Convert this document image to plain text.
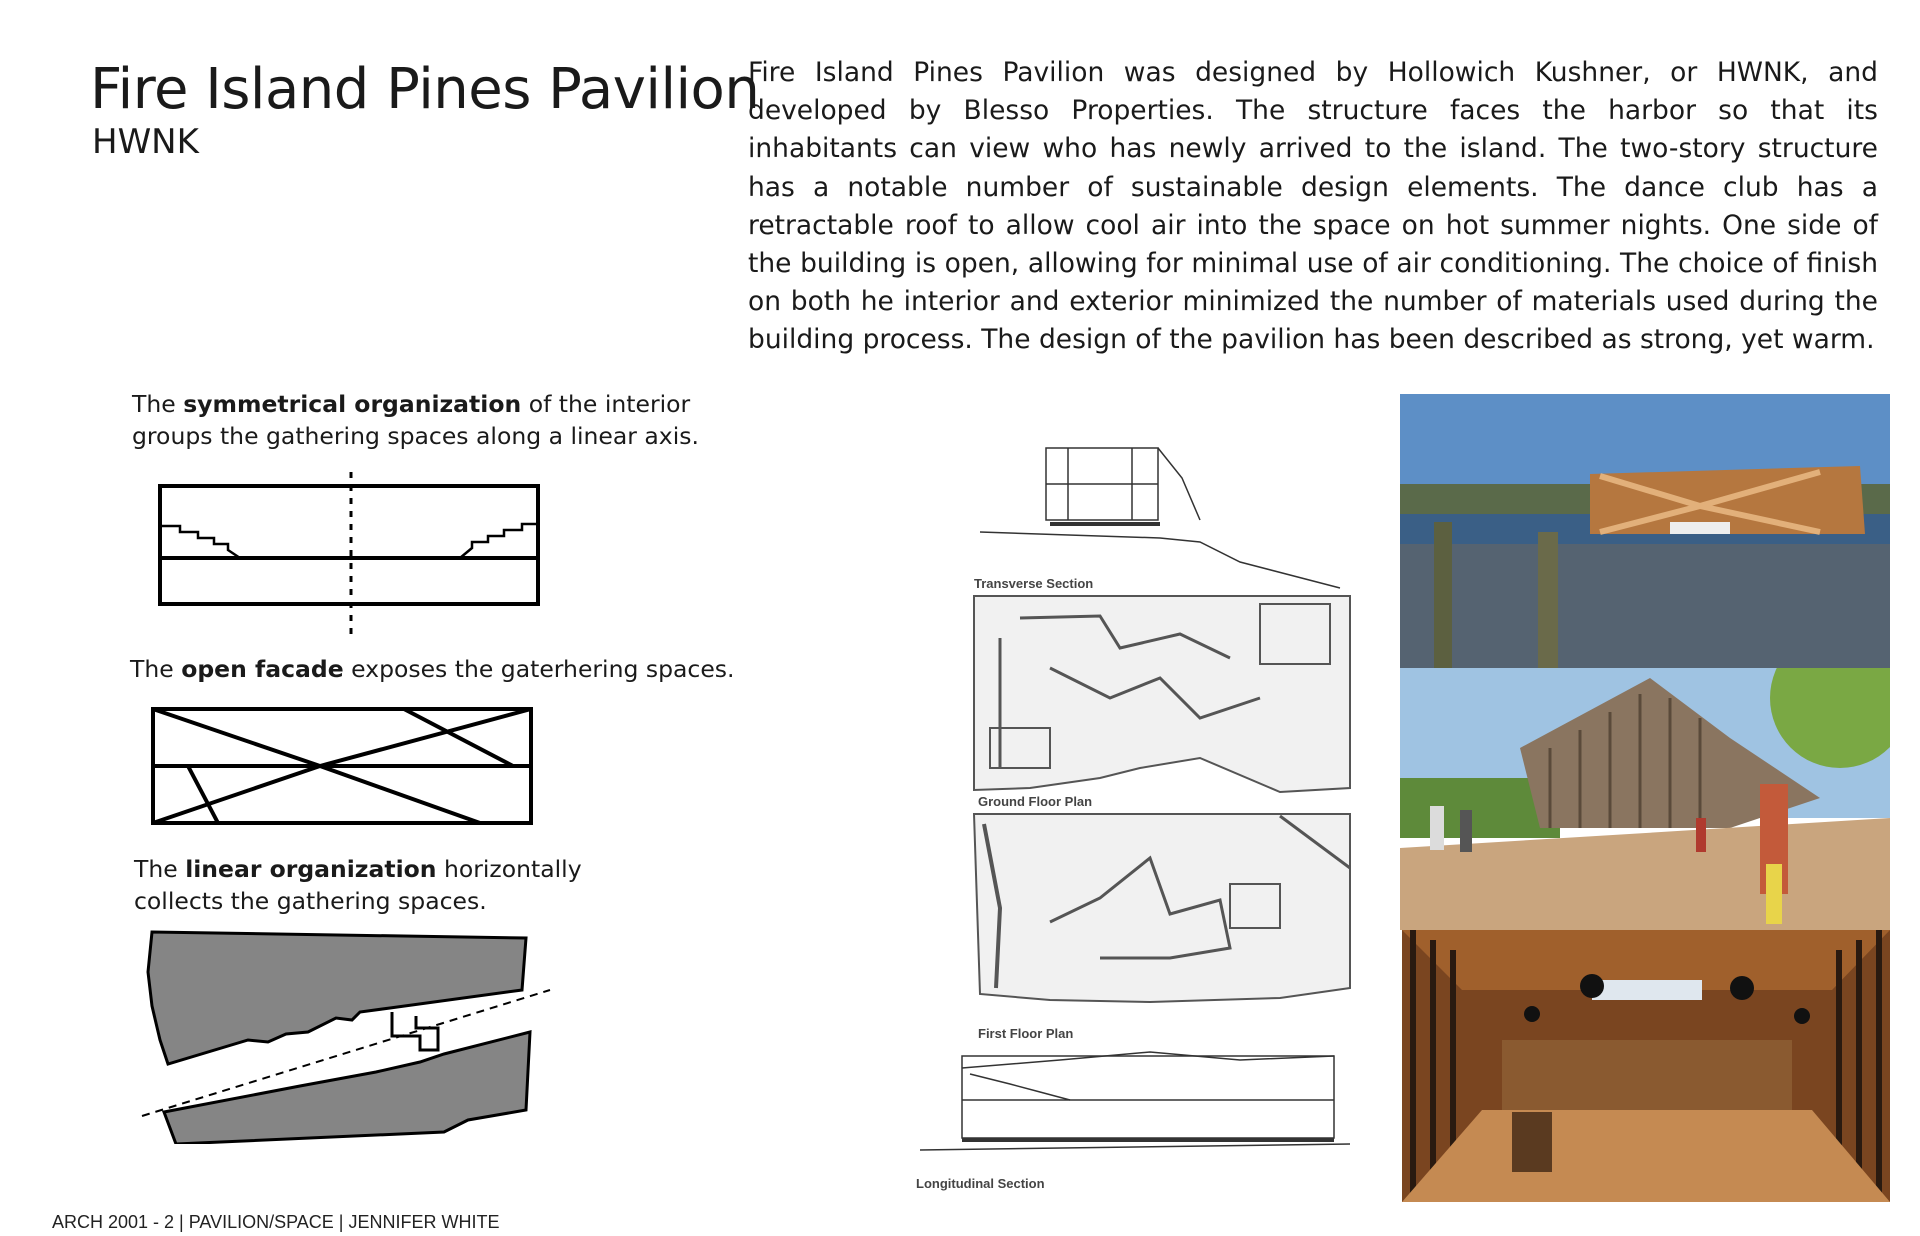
Fire Island Pines Pavilion
HWNK

Fire Island Pines Pavilion was designed by Hollowich Kushner, or HWNK, and developed by Blesso Properties. The structure faces the harbor so that its inhabitants can view who has newly arrived to the island. The two-story structure has a notable number of sustainable design elements. The dance club has a retractable roof to allow cool air into the space on hot summer nights. One side of the building is open, allowing for minimal use of air conditioning. The choice of finish on both he interior and exterior minimized the number of materials used during the building process. The design of the pavilion has been described as strong, yet warm.

The symmetrical organization of the interior groups the gathering spaces along a linear axis.
The open facade exposes the gaterhering spaces.
The linear organization horizontally collects the gathering spaces.
Transverse Section
Ground Floor Plan
First Floor Plan
Longitudinal Section
ARCH 2001 - 2 | PAVILION/SPACE | JENNIFER WHITE
